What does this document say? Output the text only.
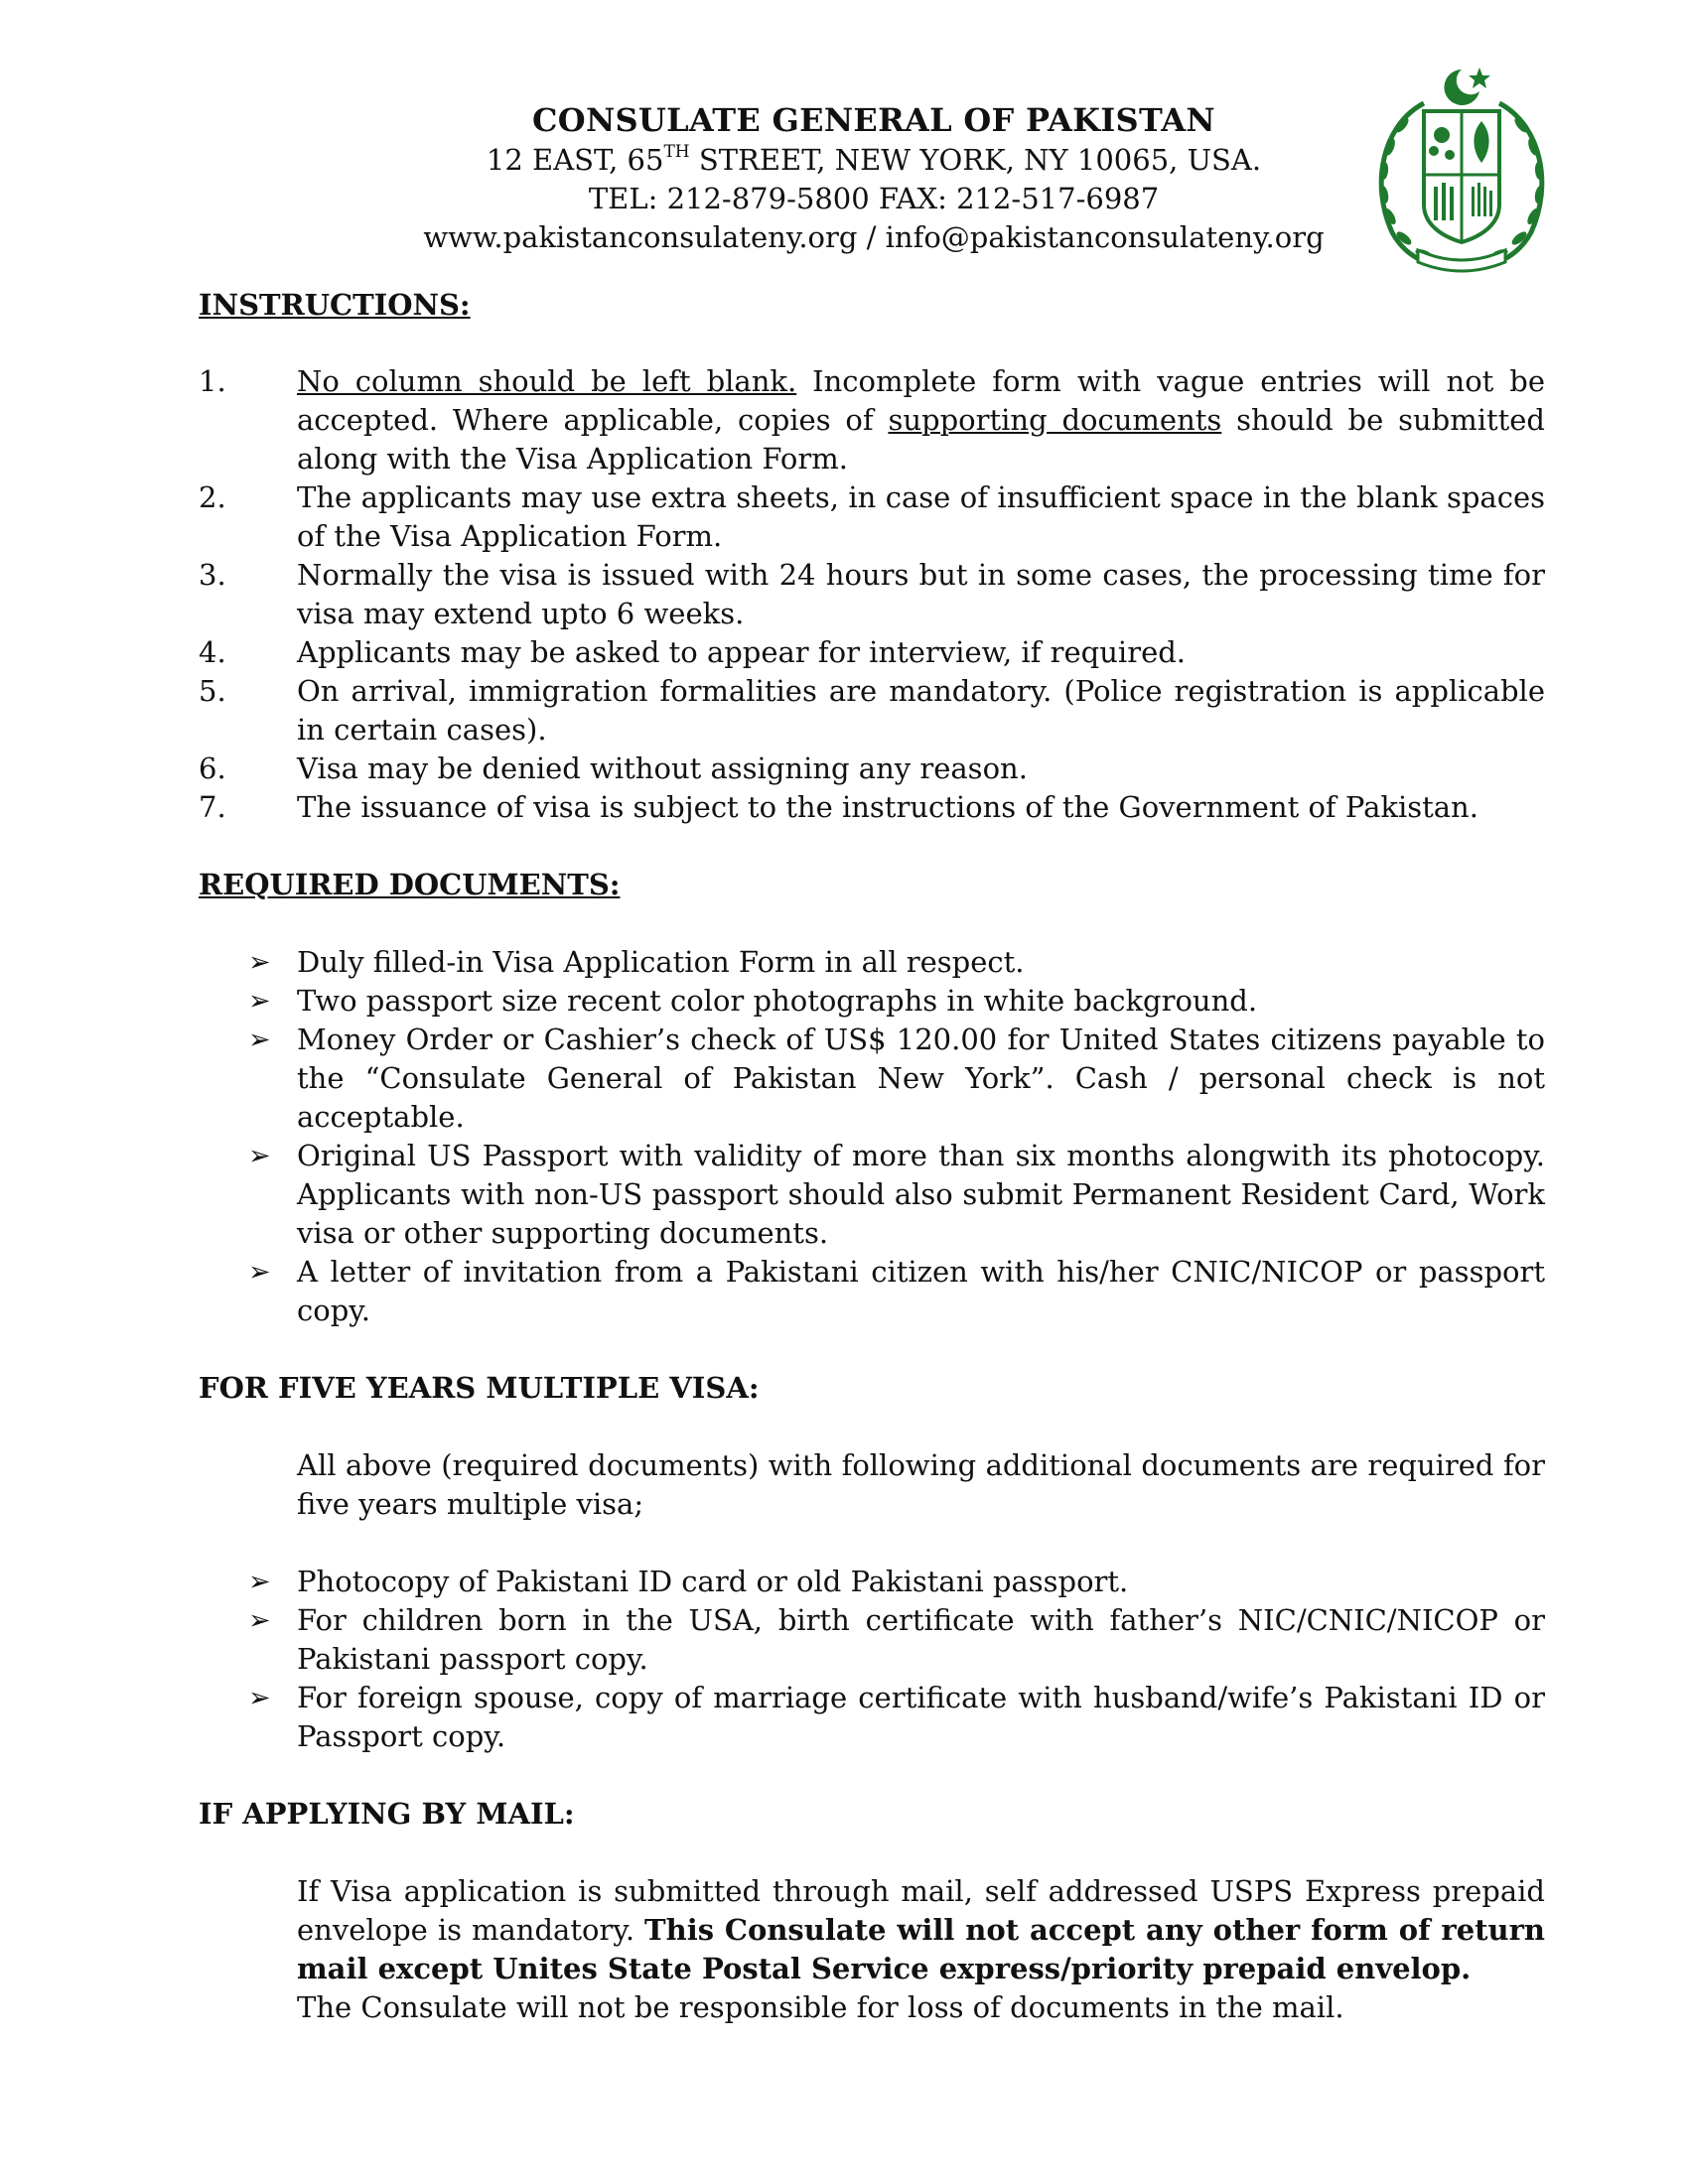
CONSULATE GENERAL OF PAKISTAN
12 EAST, 65TH STREET, NEW YORK, NY 10065, USA.
TEL: 212-879-5800 FAX: 212-517-6987
www.pakistanconsulateny.org / info@pakistanconsulateny.org
INSTRUCTIONS:
1.	No column should be left blank. Incomplete form with vague entries will not be accepted. Where applicable, copies of supporting documents should be submitted along with the Visa Application Form.
2.	The applicants may use extra sheets, in case of insufficient space in the blank spaces of the Visa Application Form.
3.	Normally the visa is issued with 24 hours but in some cases, the processing time for visa may extend upto 6 weeks.
4.	Applicants may be asked to appear for interview, if required.
5.	On arrival, immigration formalities are mandatory. (Police registration is applicable in certain cases).
6.	Visa may be denied without assigning any reason.
7.	The issuance of visa is subject to the instructions of the Government of Pakistan.
REQUIRED DOCUMENTS:
➢ Duly filled-in Visa Application Form in all respect.
➢ Two passport size recent color photographs in white background.
➢ Money Order or Cashier’s check of US$ 120.00 for United States citizens payable to the “Consulate General of Pakistan New York”. Cash / personal check is not acceptable.
➢ Original US Passport with validity of more than six months alongwith its photocopy. Applicants with non-US passport should also submit Permanent Resident Card, Work visa or other supporting documents.
➢ A letter of invitation from a Pakistani citizen with his/her CNIC/NICOP or passport copy.
FOR FIVE YEARS MULTIPLE VISA:

All above (required documents) with following additional documents are required for five years multiple visa;

➢ Photocopy of Pakistani ID card or old Pakistani passport.
➢ For children born in the USA, birth certificate with father’s NIC/CNIC/NICOP or Pakistani passport copy.
➢ For foreign spouse, copy of marriage certificate with husband/wife’s Pakistani ID or Passport copy.
IF APPLYING BY MAIL:

If Visa application is submitted through mail, self addressed USPS Express prepaid envelope is mandatory. This Consulate will not accept any other form of return mail except Unites State Postal Service express/priority prepaid envelop.

The Consulate will not be responsible for loss of documents in the mail.
